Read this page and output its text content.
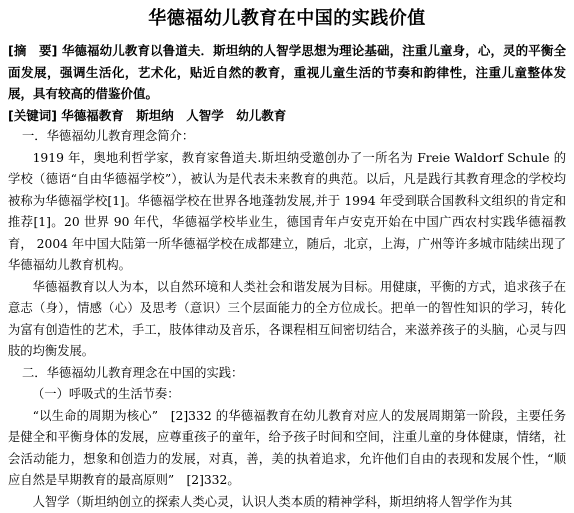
华德福幼儿教育在中国的实践价值

[摘　要] 华德福幼儿教育以鲁道夫．斯坦纳的人智学思想为理论基础，注重儿童身，心，灵的平衡全面发展，强调生活化，艺术化，贴近自然的教育，重视儿童生活的节奏和韵律性，注重儿童整体发展，具有较高的借鉴价值。

[关键词] 华德福教育　斯坦纳　人智学　幼儿教育

一．华德福幼儿教育理念简介：

1919 年，奥地利哲学家，教育家鲁道夫.斯坦纳受邀创办了一所名为 Freie Waldorf Schule 的学校（德语“自由华德福学校”），被认为是代表未来教育的典范。以后，凡是践行其教育理念的学校均被称为华德福学校[1]。华德福学校在世界各地蓬勃发展,并于 1994 年受到联合国教科文组织的肯定和推荐[1]。20 世界 90 年代，华德福学校毕业生，德国青年卢安克开始在中国广西农村实践华德福教育， 2004 年中国大陆第一所华德福学校在成都建立，随后，北京，上海，广州等许多城市陆续出现了华德福幼儿教育机构。

华德福教育以人为本，以自然环境和人类社会和谐发展为目标。用健康，平衡的方式，追求孩子在意志（身），情感（心）及思考（意识）三个层面能力的全方位成长。把单一的智性知识的学习，转化为富有创造性的艺术，手工，肢体律动及音乐，各课程相互间密切结合，来滋养孩子的头脑，心灵与四肢的均衡发展。

二．华德福幼儿教育理念在中国的实践：

（一）呼吸式的生活节奏：

“以生命的周期为核心”　[2]332 的华德福教育在幼儿教育对应人的发展周期第一阶段，主要任务是健全和平衡身体的发展，应尊重孩子的童年，给予孩子时间和空间，注重儿童的身体健康，情绪，社会活动能力，想象和创造力的发展，对真，善，美的执着追求，允许他们自由的表现和发展个性，“顺应自然是早期教育的最高原则”　[2]332。

人智学（斯坦纳创立的探索人类心灵，认识人类本质的精神学科，斯坦纳将人智学作为其
